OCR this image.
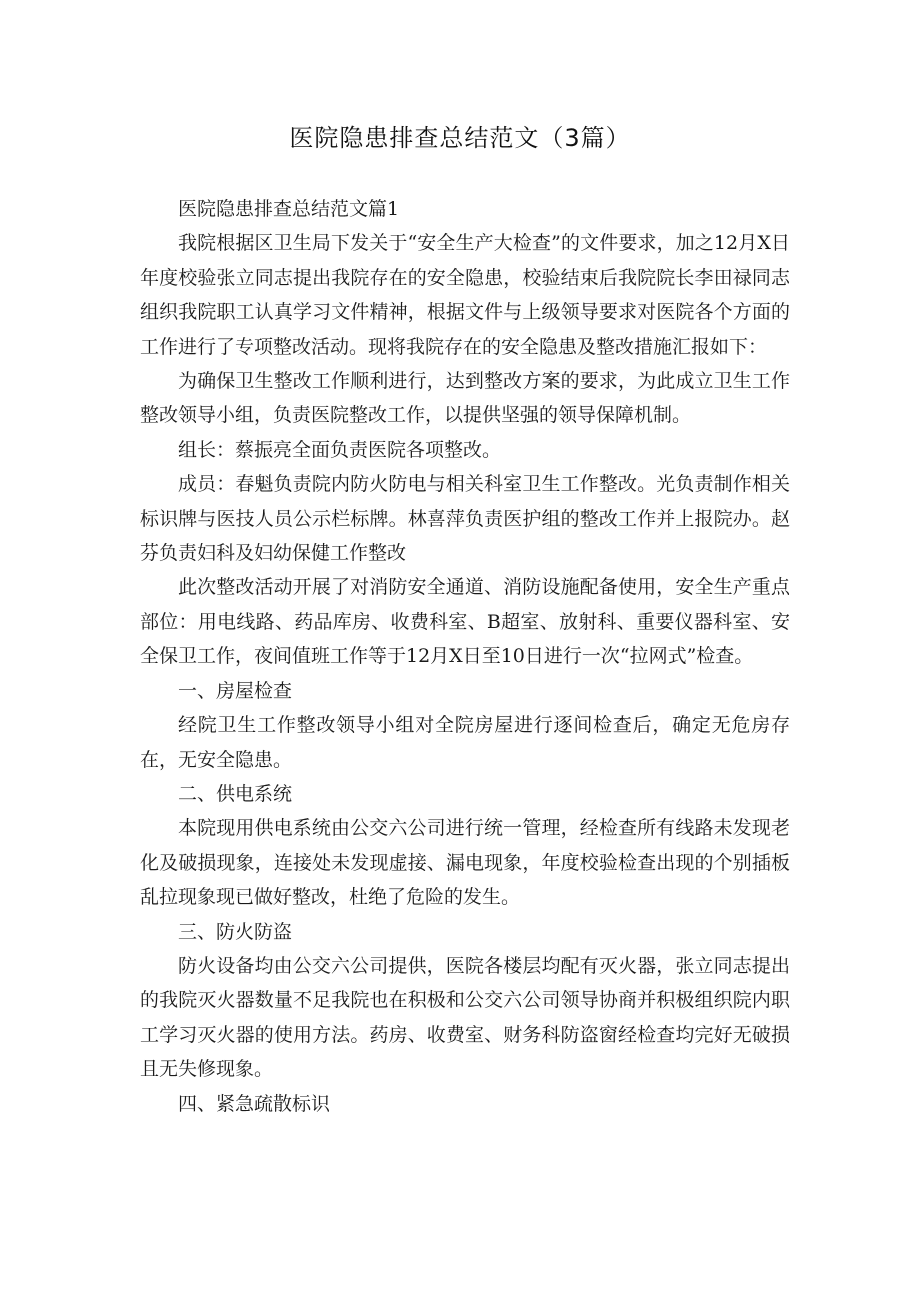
医院隐患排查总结范文（3篇）

医院隐患排查总结范文篇1

我院根据区卫生局下发关于“安全生产大检查”的文件要求，加之12月X日年度校验张立同志提出我院存在的安全隐患，校验结束后我院院长李田禄同志组织我院职工认真学习文件精神，根据文件与上级领导要求对医院各个方面的工作进行了专项整改活动。现将我院存在的安全隐患及整改措施汇报如下：

为确保卫生整改工作顺利进行，达到整改方案的要求，为此成立卫生工作整改领导小组，负责医院整改工作，以提供坚强的领导保障机制。

组长：蔡振亮全面负责医院各项整改。

成员：春魁负责院内防火防电与相关科室卫生工作整改。光负责制作相关标识牌与医技人员公示栏标牌。林喜萍负责医护组的整改工作并上报院办。赵芬负责妇科及妇幼保健工作整改

此次整改活动开展了对消防安全通道、消防设施配备使用，安全生产重点部位：用电线路、药品库房、收费科室、B超室、放射科、重要仪器科室、安全保卫工作，夜间值班工作等于12月X日至10日进行一次“拉网式”检查。

一、房屋检查

经院卫生工作整改领导小组对全院房屋进行逐间检查后，确定无危房存在，无安全隐患。

二、供电系统

本院现用供电系统由公交六公司进行统一管理，经检查所有线路未发现老化及破损现象，连接处未发现虚接、漏电现象，年度校验检查出现的个别插板乱拉现象现已做好整改，杜绝了危险的发生。

三、防火防盗

防火设备均由公交六公司提供，医院各楼层均配有灭火器，张立同志提出的我院灭火器数量不足我院也在积极和公交六公司领导协商并积极组织院内职工学习灭火器的使用方法。药房、收费室、财务科防盗窗经检查均完好无破损且无失修现象。

四、紧急疏散标识
